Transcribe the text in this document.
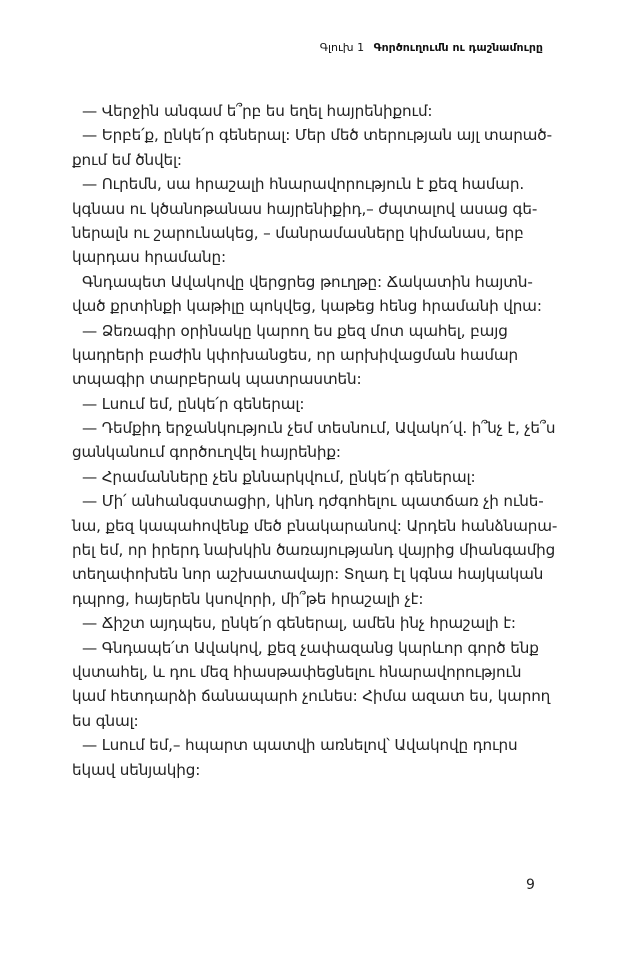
Գլուխ 1 Գործուղումն ու դաշնամուրը
— Վերջին անգամ ե՞րբ ես եղել հայրենիքում:
— Երբե՛ք, ընկե՛ր գեներալ: Մեր մեծ տերության այլ տարած-
քում եմ ծնվել:
— Ուրեմն, սա հրաշալի հնարավորություն է քեզ համար.
կգնաս ու կծանոթանաս հայրենիքիդ,– ժպտալով ասաց գե-
ներալն ու շարունակեց, – մանրամասները կիմանաս, երբ
կարդաս հրամանը:
Գնդապետ Ավակովը վերցրեց թուղթը: Ճակատին հայտն-
ված քրտինքի կաթիլը պոկվեց, կաթեց հենց հրամանի վրա:
— Ձեռագիր օրինակը կարող ես քեզ մոտ պահել, բայց
կադրերի բաժին կփոխանցես, որ արխիվացման համար
տպագիր տարբերակ պատրաստեն:
— Լսում եմ, ընկե՛ր գեներալ:
— Դեմքիդ երջանկություն չեմ տեսնում, Ավակո՛վ. ի՞նչ է, չե՞ս
ցանկանում գործուղվել հայրենիք:
— Հրամանները չեն քննարկվում, ընկե՛ր գեներալ:
— Մի՛ անհանգստացիր, կինդ դժգոհելու պատճառ չի ունե-
նա, քեզ կապահովենք մեծ բնակարանով: Արդեն հանձնարա-
րել եմ, որ իրերդ նախկին ծառայությանդ վայրից միանգամից
տեղափոխեն նոր աշխատավայր: Տղադ էլ կգնա հայկական
դպրոց, հայերեն կսովորի, մի՞թե հրաշալի չէ:
— Ճիշտ այդպես, ընկե՛ր գեներալ, ամեն ինչ հրաշալի է:
— Գնդապե՛տ Ավակով, քեզ չափազանց կարևոր գործ ենք
վստահել, և դու մեզ հիասթափեցնելու հնարավորություն
կամ հետդարձի ճանապարհ չունես: Հիմա ազատ ես, կարող
ես գնալ:
— Լսում եմ,– հպարտ պատվի առնելով՝ Ավակովը դուրս
եկավ սենյակից:
9
